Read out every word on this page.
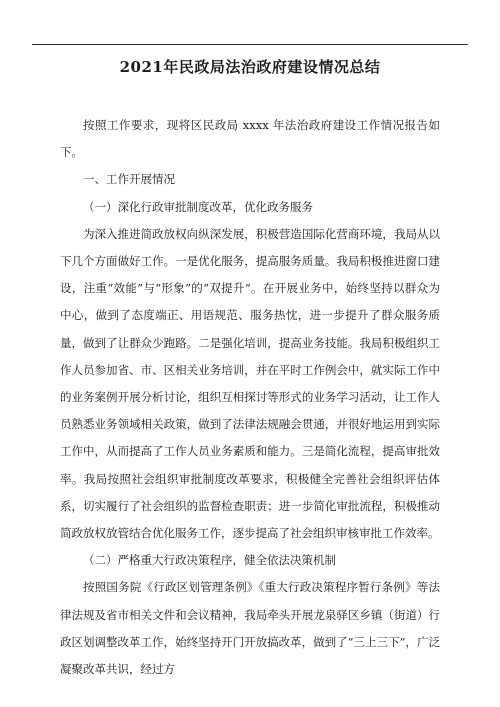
2021年民政局法治政府建设情况总结

按照工作要求，现将区民政局 xxxx 年法治政府建设工作情况报告如下。

一、工作开展情况

（一）深化行政审批制度改革，优化政务服务

为深入推进简政放权向纵深发展，积极营造国际化营商环境，我局从以下几个方面做好工作。一是优化服务，提高服务质量。我局积极推进窗口建设，注重“效能”与“形象”的“双提升”。在开展业务中，始终坚持以群众为中心，做到了态度端正、用语规范、服务热忱，进一步提升了群众服务质量，做到了让群众少跑路。二是强化培训，提高业务技能。我局积极组织工作人员参加省、市、区相关业务培训，并在平时工作例会中，就实际工作中的业务案例开展分析讨论，组织互相探讨等形式的业务学习活动，让工作人员熟悉业务领域相关政策，做到了法律法规融会贯通，并很好地运用到实际工作中，从而提高了工作人员业务素质和能力。三是简化流程，提高审批效率。我局按照社会组织审批制度改革要求，积极健全完善社会组织评估体系，切实履行了社会组织的监督检查职责；进一步简化审批流程，积极推动简政放权放管结合优化服务工作，逐步提高了社会组织审核审批工作效率。

（二）严格重大行政决策程序，健全依法决策机制

按照国务院《行政区划管理条例》《重大行政决策程序暂行条例》等法律法规及省市相关文件和会议精神，我局牵头开展龙泉驿区乡镇（街道）行政区划调整改革工作，始终坚持开门开放搞改革，做到了“三上三下”，广泛凝聚改革共识，经过方
